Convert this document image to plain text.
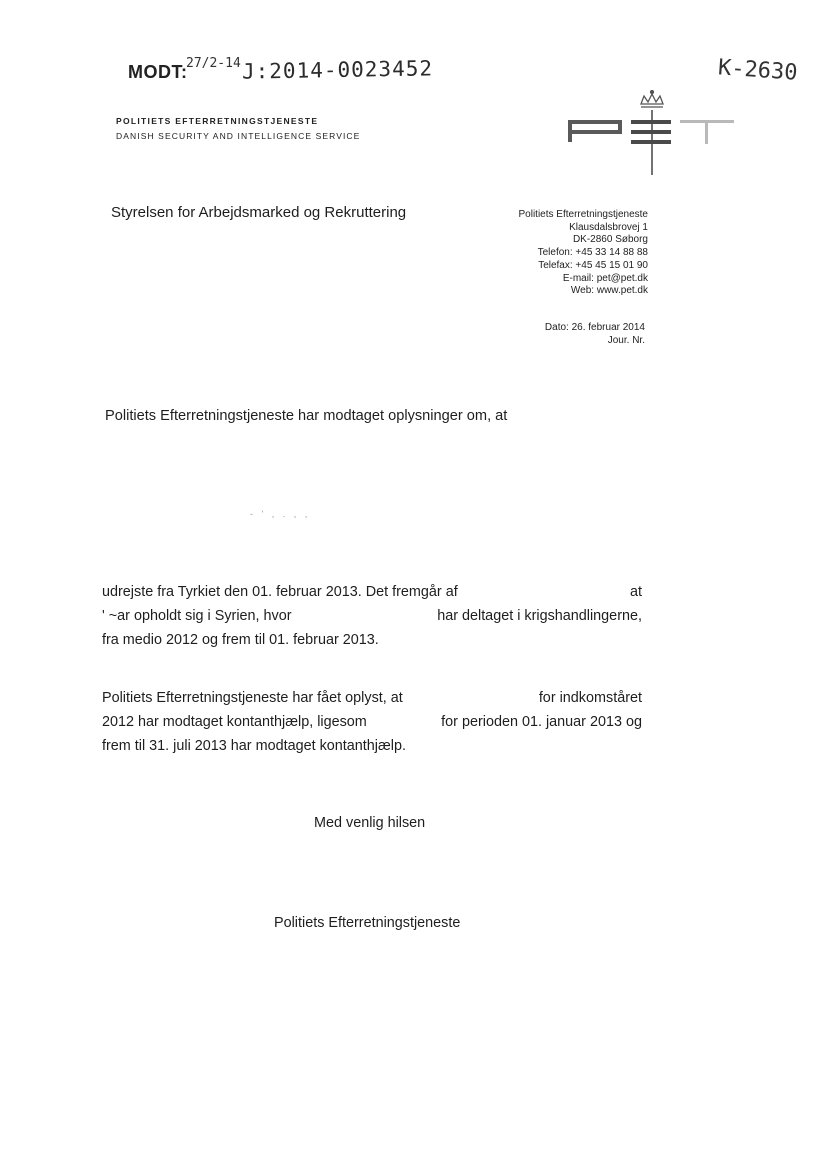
MODT:
27/2-14 J:2014-0023452	K-2630
POLITIETS EFTERRETNINGSTJENESTE
DANISH SECURITY AND INTELLIGENCE SERVICE
Styrelsen for Arbejdsmarked og Rekruttering	Politiets Efterretningstjeneste
Klausdalsbrovej 1
DK-2860 Søborg
Telefon: +45 33 14 88 88
Telefax: +45 45 15 01 90
E-mail: pet@pet.dk
Web: www.pet.dk
Dato: 26. februar 2014
Jour. Nr.
Politiets Efterretningstjeneste har modtaget oplysninger om, at
- ' , . , ,
udrejste fra Tyrkiet den 01. februar 2013. Det fremgår af	at
' ~ar opholdt sig i Syrien, hvor	har deltaget i krigshandlingerne,
fra medio 2012 og frem til 01. februar 2013.
Politiets Efterretningstjeneste har fået oplyst, at	for indkomståret
2012 har modtaget kontanthjælp, ligesom	for perioden 01. januar 2013 og
frem til 31. juli 2013 har modtaget kontanthjælp.
Med venlig hilsen
Politiets Efterretningstjeneste
